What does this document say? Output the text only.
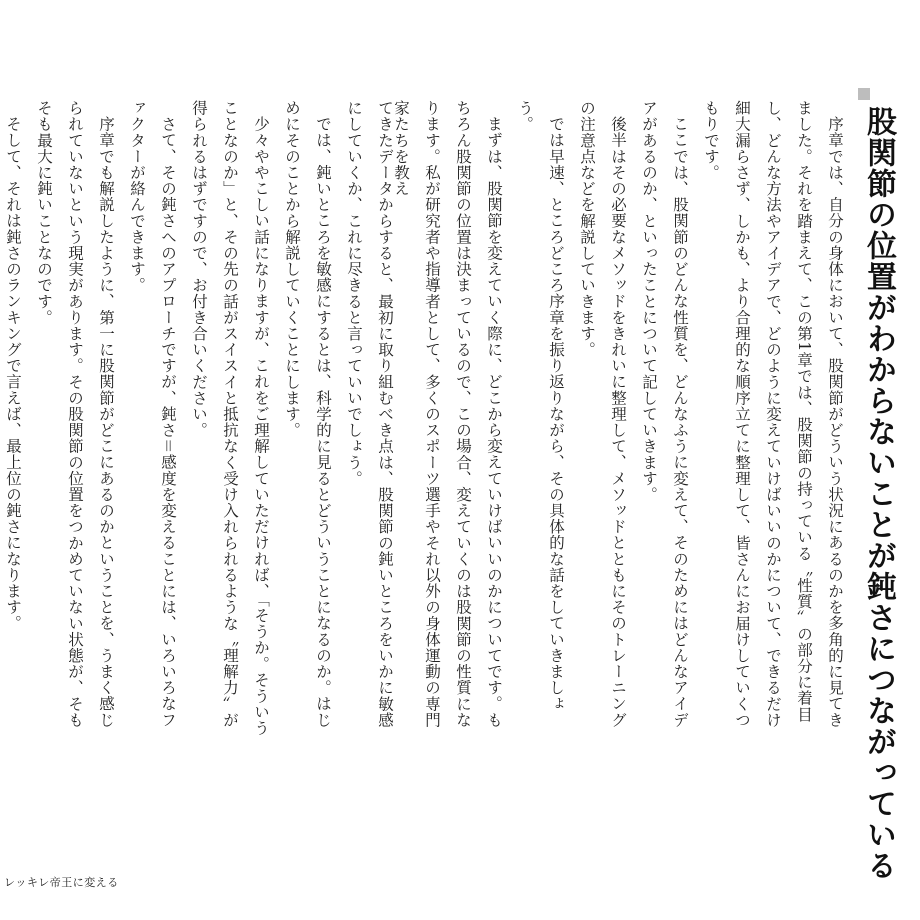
股関節の位置がわからないことが鈍さにつながっている

序章では、自分の身体において、股関節がどういう状況にあるのかを多角的に見てきました。それを踏まえて、この第1章では、股関節の持っている〝性質〟の部分に着目し、どんな方法やアイデアで、どのように変えていけばいいのかについて、できるだけ細大漏らさず、しかも、より合理的な順序立てに整理して、皆さんにお届けしていくつもりです。

ここでは、股関節のどんな性質を、どんなふうに変えて、そのためにはどんなアイデアがあるのか、といったことについて記していきます。

後半はその必要なメソッドをきれいに整理して、メソッドとともにそのトレーニングの注意点などを解説していきます。

では早速、ところどころ序章を振り返りながら、その具体的な話をしていきましょう。

まずは、股関節を変えていく際に、どこから変えていけばいいのかについてです。もちろん股関節の位置は決まっているので、この場合、変えていくのは股関節の性質になります。私が研究者や指導者として、多くのスポーツ選手やそれ以外の身体運動の専門家たちを教え

てきたデータからすると、最初に取り組むべき点は、股関節の鈍いところをいかに敏感にしていくか、これに尽きると言っていいでしょう。

では、鈍いところを敏感にするとは、科学的に見るとどういうことになるのか。はじめにそのことから解説していくことにします。

少々ややこしい話になりますが、これをご理解していただければ、「そうか。そういうことなのか」と、その先の話がスイスイと抵抗なく受け入れられるような〝理解力〟が得られるはずですので、お付き合いください。

さて、その鈍さへのアプローチですが、鈍さ＝感度を変えることには、いろいろなファクターが絡んできます。

序章でも解説したように、第一に股関節がどこにあるのかということを、うまく感じられていないという現実があります。その股関節の位置をつかめていない状態が、そもそも最大に鈍いことなのです。

そして、それは鈍さのランキングで言えば、最上位の鈍さになります。

レッキレ帝王に変える
